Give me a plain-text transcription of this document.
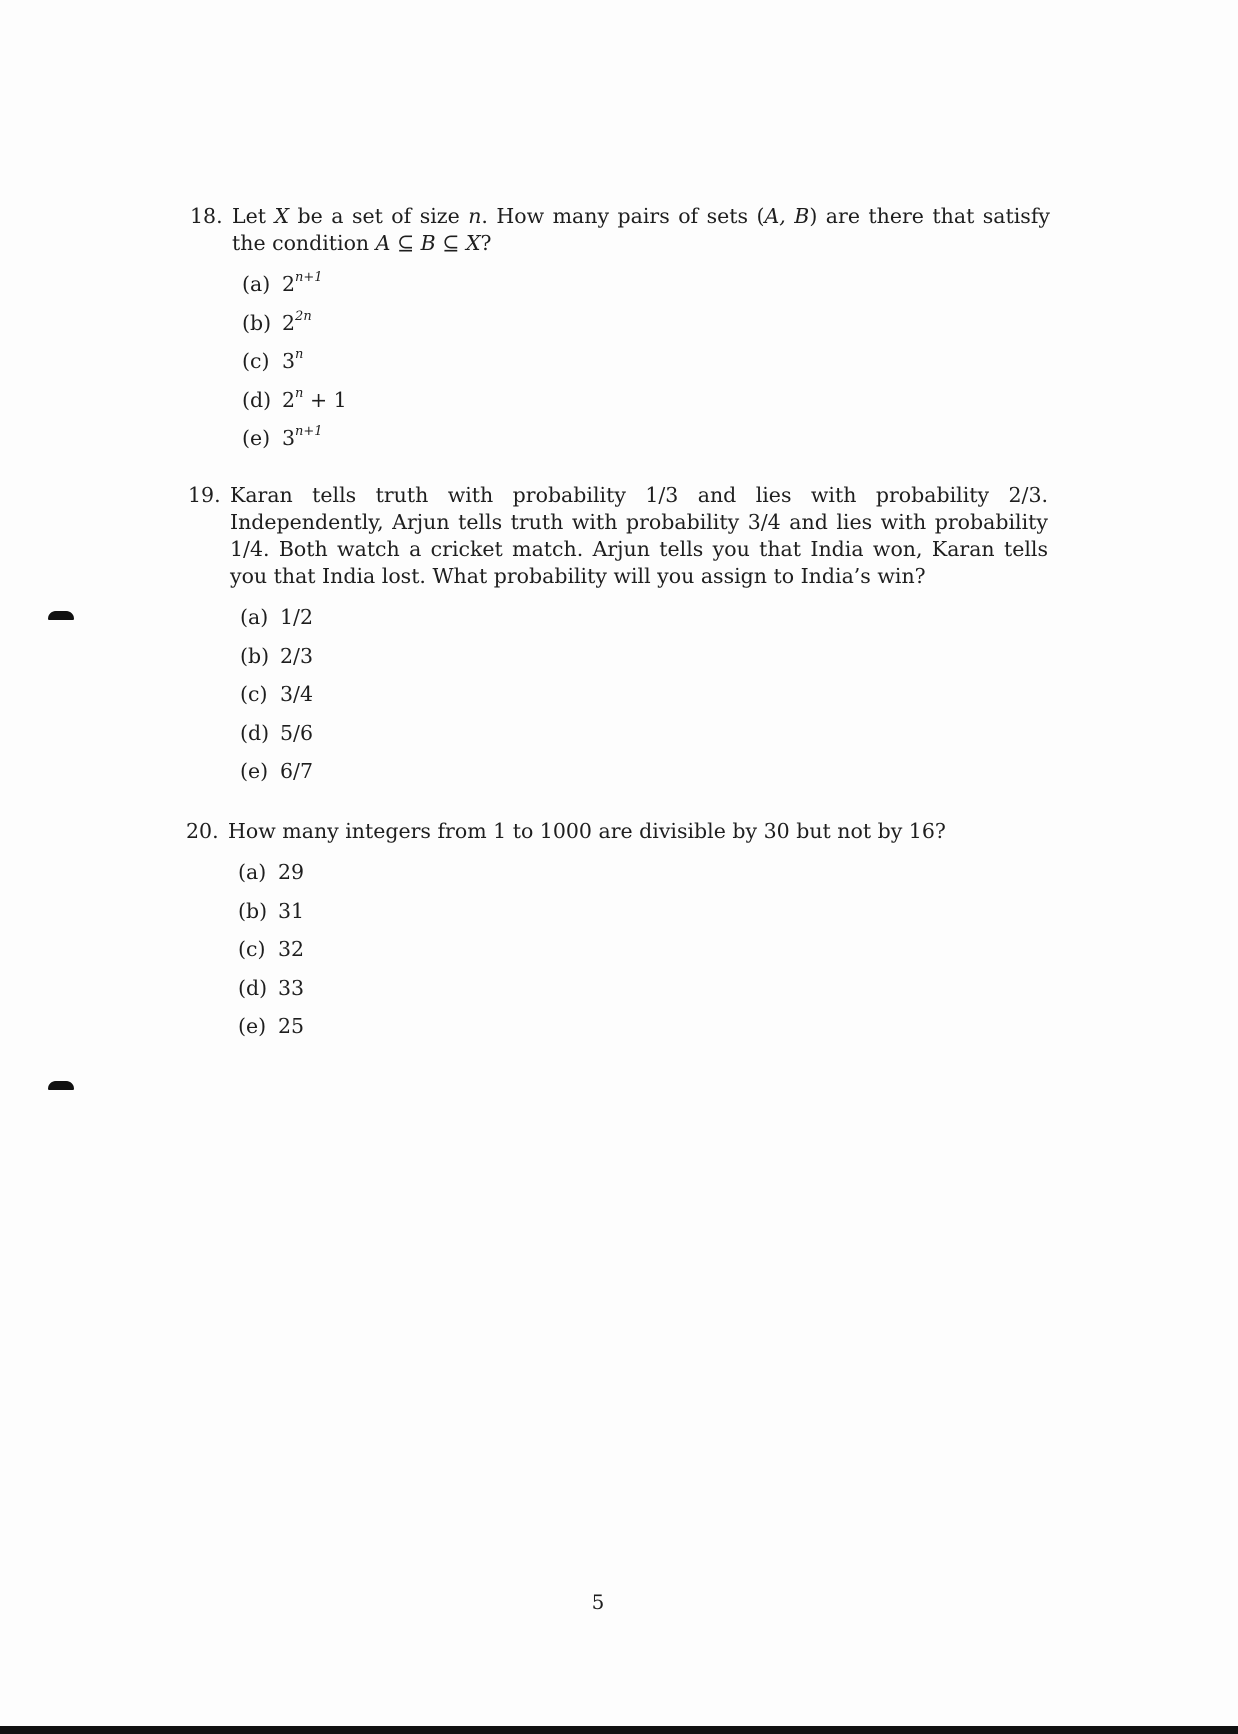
18. Let X be a set of size n. How many pairs of sets (A, B) are there that satisfy the condition A ⊆ B ⊆ X?
(a) $2^{n+1}$
(b) $2^{2n}$
(c) 3$^n$
(d) $2^n + 1$
(e) $3^{n+1}$
19. Karan tells truth with probability 1/3 and lies with probability 2/3. Independently, Arjun tells truth with probability 3/4 and lies with probability 1/4. Both watch a cricket match. Arjun tells you that India won, Karan tells you that India lost. What probability will you assign to India’s win?
(a) 1/2
(b) 2/3
(c) 3/4
(d) 5/6
(e) 6/7
20. How many integers from 1 to 1000 are divisible by 30 but not by 16?
(a) 29
(b) 31
(c) 32
(d) 33
(e) 25
5
